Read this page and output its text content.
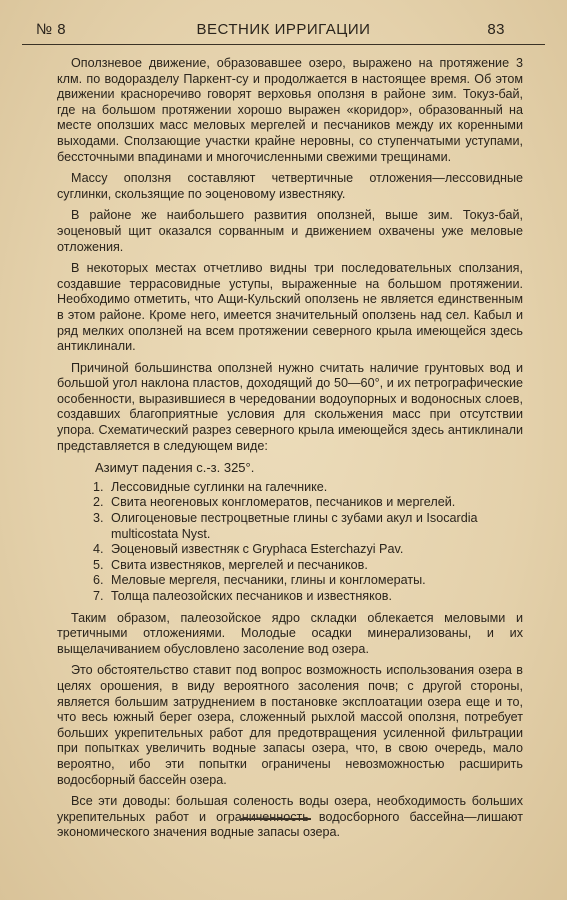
№ 8	ВЕСТНИК ИРРИГАЦИИ	83

Оползневое движение, образовавшее озеро, выражено на протяжение 3 клм. по водоразделу Паркент-су и продолжается в настоящее время. Об этом движении красноречиво говорят верховья оползня в районе зим. Токуз-бай, где на большом протяжении хорошо выражен «коридор», образованный на месте оползших масс меловых мергелей и песчаников между их коренными выходами. Сползающие участки крайне неровны, со ступенчатыми уступами, бессточными впадинами и многочисленными свежими трещинами.

Массу оползня составляют четвертичные отложения—лессовидные суглинки, скользящие по эоценовому известняку.

В районе же наибольшего развития оползней, выше зим. Токуз-бай, эоценовый щит оказался сорванным и движением охвачены уже меловые отложения.

В некоторых местах отчетливо видны три последовательных сползания, создавшие террасовидные уступы, выраженные на большом протяжении. Необходимо отметить, что Ащи-Кульский оползень не является единственным в этом районе. Кроме него, имеется значительный оползень над сел. Кабыл и ряд мелких оползней на всем протяжении северного крыла имеющейся здесь антиклинали.

Причиной большинства оползней нужно считать наличие грунтовых вод и большой угол наклона пластов, доходящий до 50—60°, и их петрографические особенности, выразившиеся в чередовании водоупорных и водоносных слоев, создавших благоприятные условия для скольжения масс при отсутствии упора. Схематический разрез северного крыла имеющейся здесь антиклинали представляется в следующем виде:

Азимут падения с.-з. 325°.
1. Лессовидные суглинки на галечнике.
2. Свита неогеновых конгломератов, песчаников и мергелей.
3. Олигоценовые пестроцветные глины с зубами акул и Isocardia multicostata Nyst.
4. Эоценовый известняк с Gryphaca Esterchazyi Pav.
5. Свита известняков, мергелей и песчаников.
6. Меловые мергеля, песчаники, глины и конгломераты.
7. Толща палеозойских песчаников и известняков.

Таким образом, палеозойское ядро складки облекается меловыми и третичными отложениями. Молодые осадки минерализованы, и их выщелачиванием обусловлено засоление вод озера.

Это обстоятельство ставит под вопрос возможность использования озера в целях орошения, в виду вероятного засоления почв; с другой стороны, является большим затруднением в постановке эксплоатации озера еще и то, что весь южный берег озера, сложенный рыхлой массой оползня, потребует больших укрепительных работ для предотвращения усиленной фильтрации при попытках увеличить водные запасы озера, что, в свою очередь, мало вероятно, ибо эти попытки ограничены невозможностью расширить водосборный бассейн озера.

Все эти доводы: большая соленость воды озера, необходимость больших укрепительных работ и ограниченность водосборного бассейна—лишают экономического значения водные запасы озера.
